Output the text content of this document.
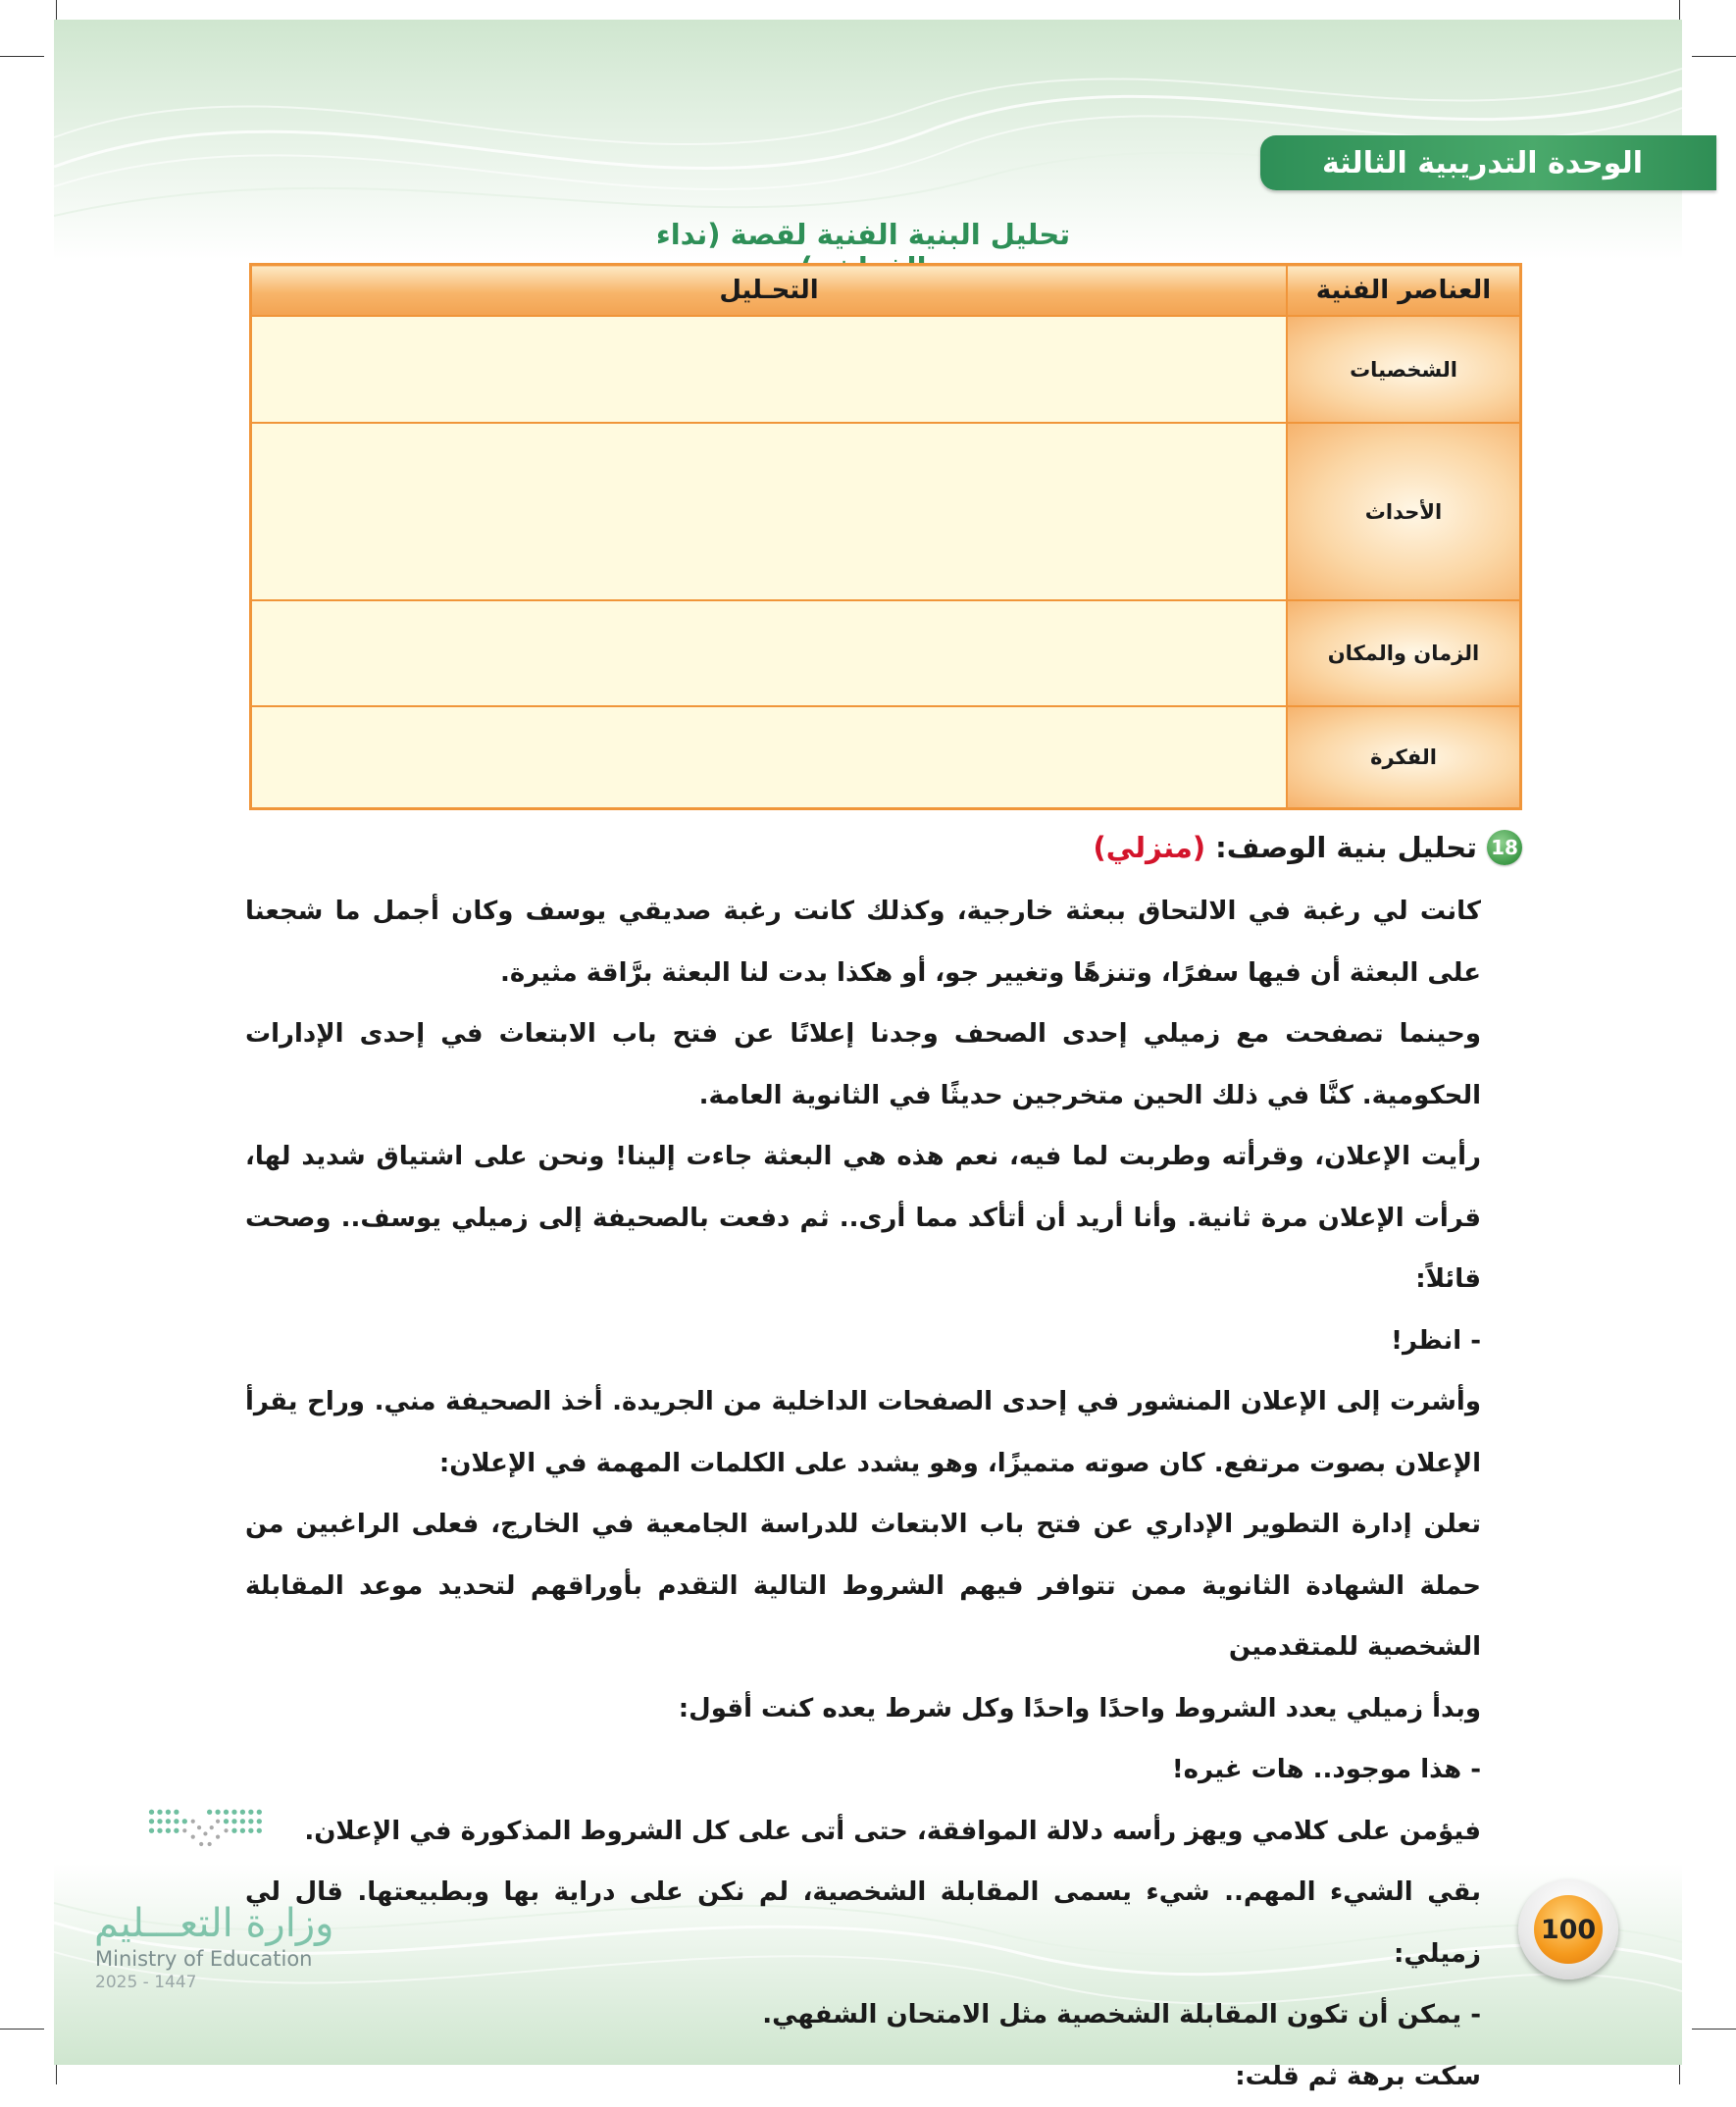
الوحدة التدريبية الثالثة
تحليل البنية الفنية لقصة (نداء
العناصر الفنية	التحـليل
الشخصيات	
الأحداث	
الزمان والمكان	
الفكرة	
18
تحليل بنية الوصف:
(منزلي)

كانت لي رغبة في الالتحاق ببعثة خارجية، وكذلك كانت رغبة صديقي يوسف وكان أجمل ما شجعنا على البعثة أن فيها سفرًا، وتنزهًا وتغيير جو، أو هكذا بدت لنا البعثة برَّاقة مثيرة.

وحينما تصفحت مع زميلي إحدى الصحف وجدنا إعلانًا عن فتح باب الابتعاث في إحدى الإدارات الحكومية. كنَّا في ذلك الحين متخرجين حديثًا في الثانوية العامة.

رأيت الإعلان، وقرأته وطربت لما فيه، نعم هذه هي البعثة جاءت إلينا! ونحن على اشتياق شديد لها، قرأت الإعلان مرة ثانية. وأنا أريد أن أتأكد مما أرى.. ثم دفعت بالصحيفة إلى زميلي يوسف.. وصحت قائلاً:

- انظر!

وأشرت إلى الإعلان المنشور في إحدى الصفحات الداخلية من الجريدة. أخذ الصحيفة مني. وراح يقرأ الإعلان بصوت مرتفع. كان صوته متميزًا، وهو يشدد على الكلمات المهمة في الإعلان:

تعلن إدارة التطوير الإداري عن فتح باب الابتعاث للدراسة الجامعية في الخارج، فعلى الراغبين من حملة الشهادة الثانوية ممن تتوافر فيهم الشروط التالية التقدم بأوراقهم لتحديد موعد المقابلة الشخصية للمتقدمين

وبدأ زميلي يعدد الشروط واحدًا واحدًا وكل شرط يعده كنت أقول:

- هذا موجود.. هات غيره!

فيؤمن على كلامي ويهز رأسه دلالة الموافقة، حتى أتى على كل الشروط المذكورة في الإعلان.

بقي الشيء المهم.. شيء يسمى المقابلة الشخصية، لم نكن على دراية بها وبطبيعتها. قال لي زميلي:

- يمكن أن تكون المقابلة الشخصية مثل الامتحان الشفهي.

سكت برهة ثم قلت:

وزارة التعـــليم
Ministry of Education
2025 - 1447
100
